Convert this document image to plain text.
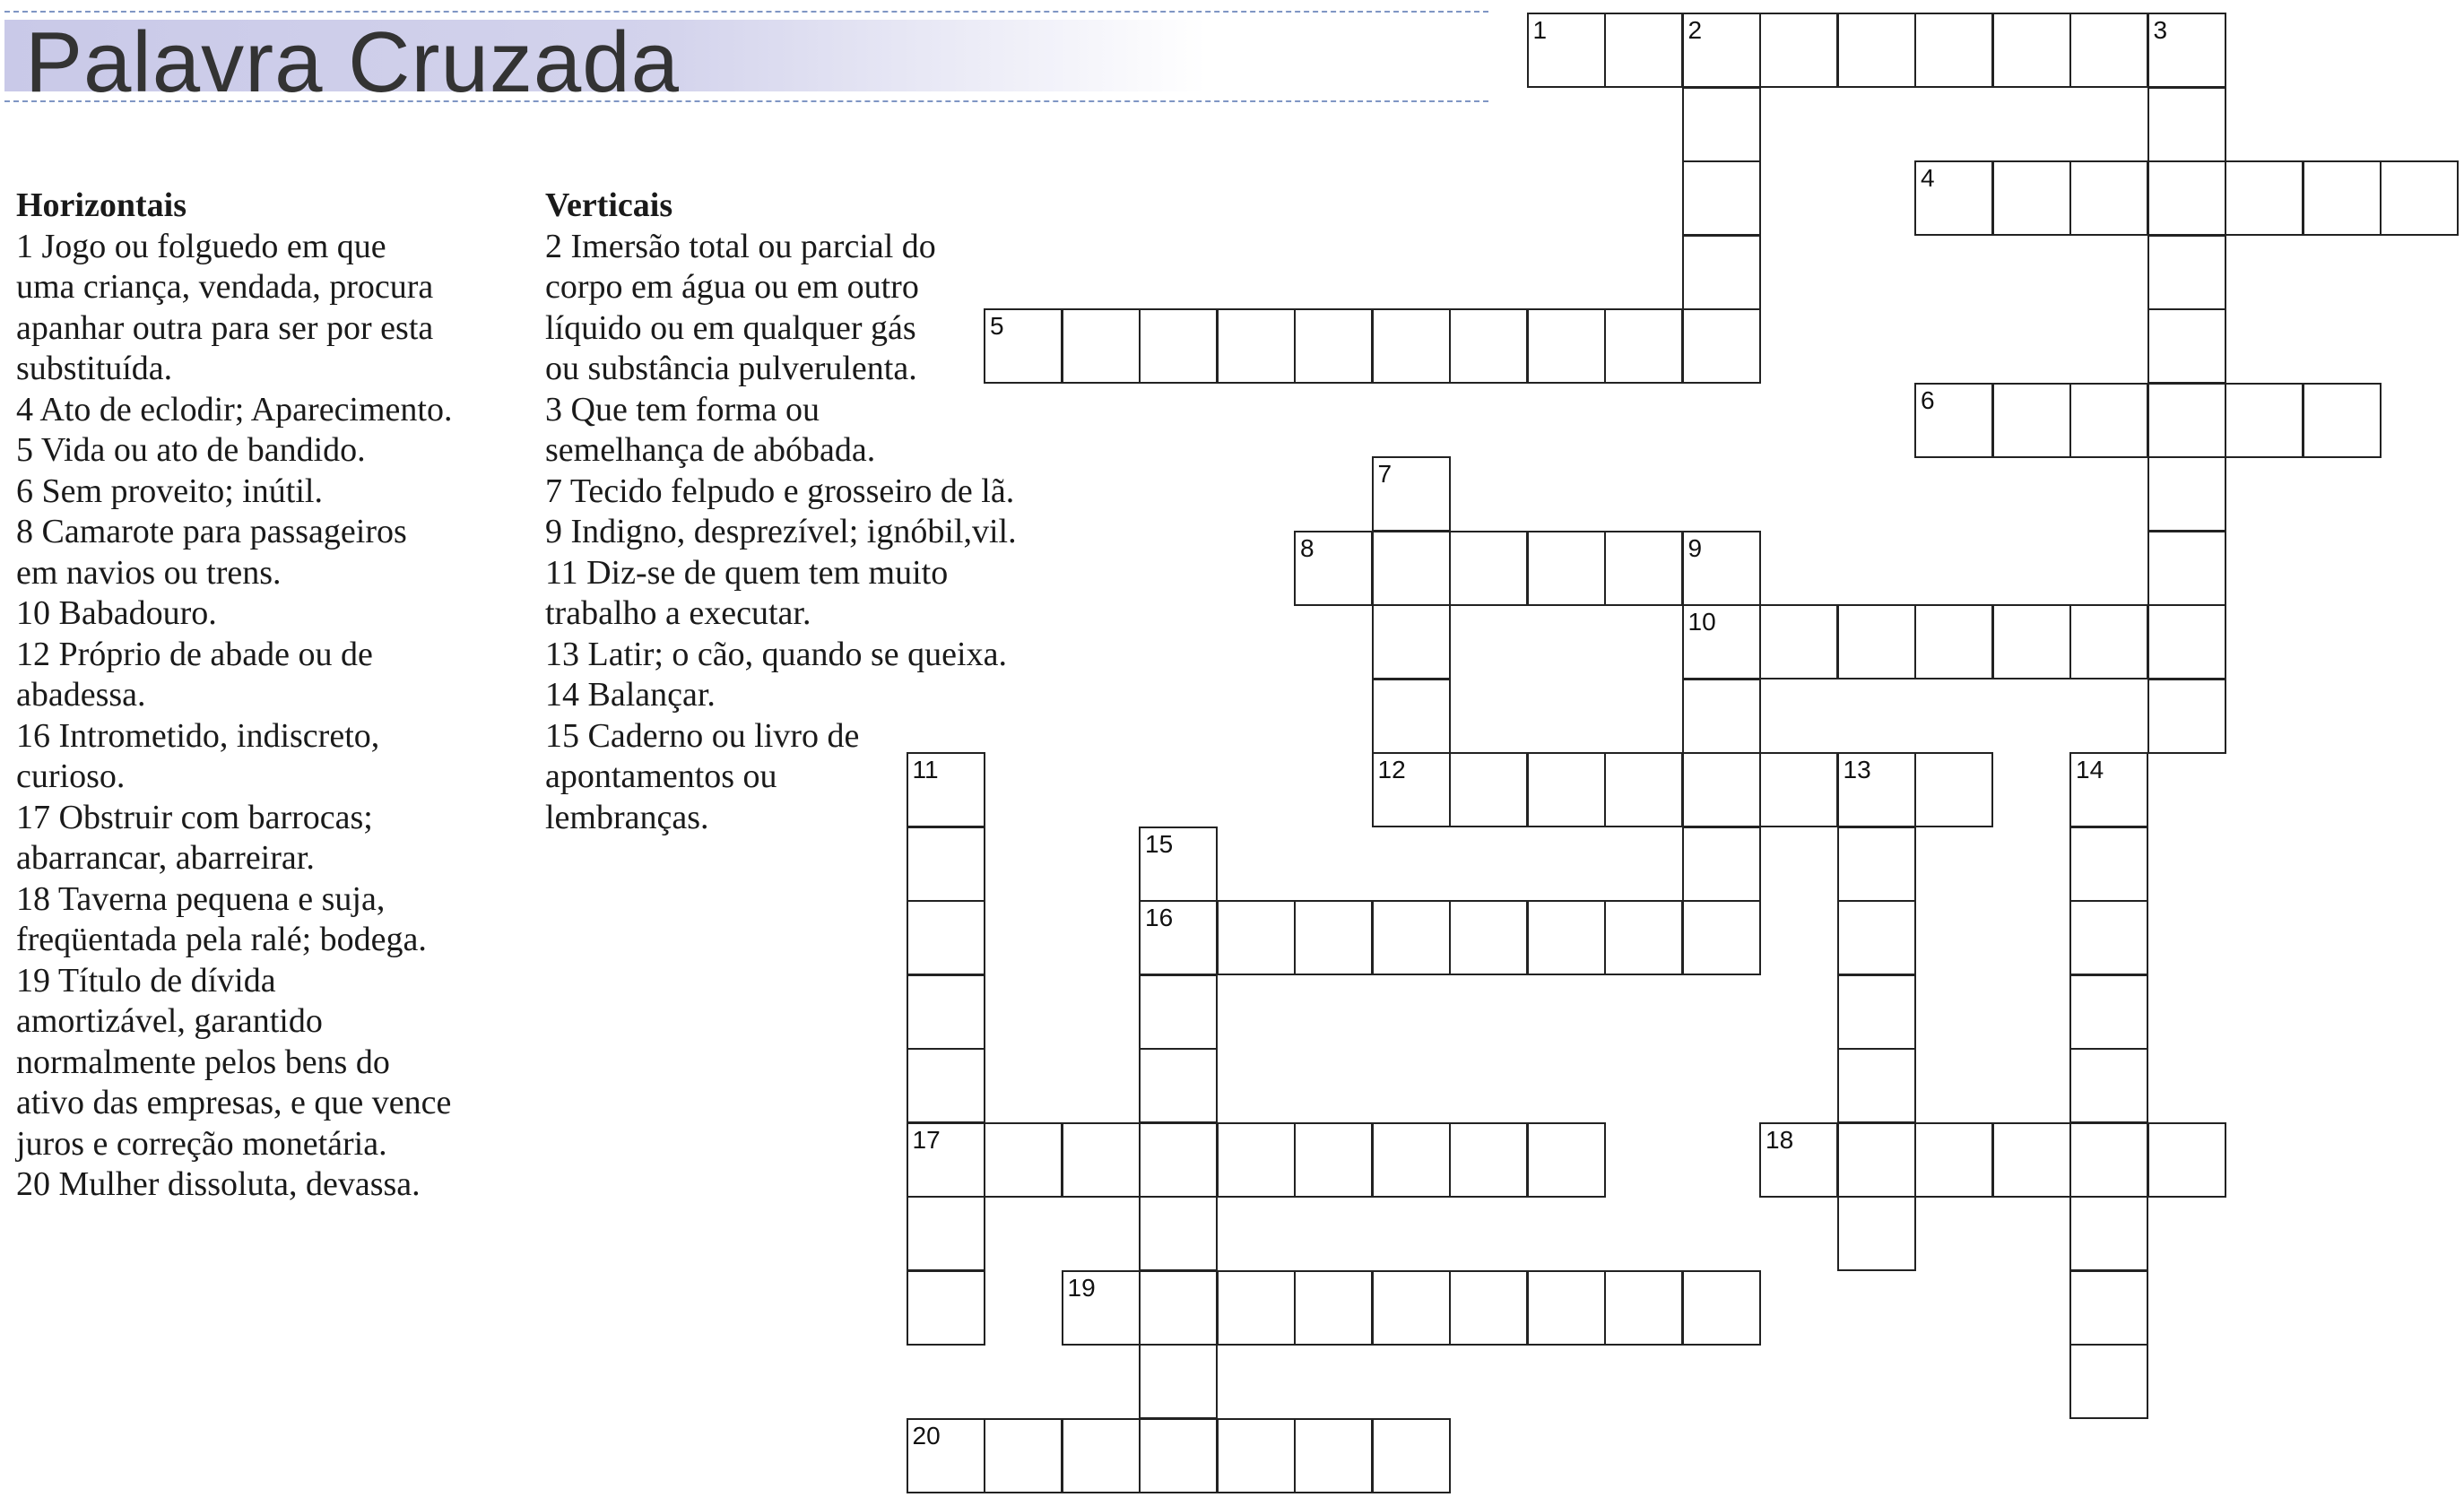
Palavra Cruzada
Horizontais
1 Jogo ou folguedo em que
uma criança, vendada, procura
apanhar outra para ser por esta
substituída.
4 Ato de eclodir; Aparecimento.
5 Vida ou ato de bandido.
6 Sem proveito; inútil.
8 Camarote para passageiros
em navios ou trens.
10 Babadouro.
12 Próprio de abade ou de
abadessa.
16 Intrometido, indiscreto,
curioso.
17 Obstruir com barrocas;
abarrancar, abarreirar.
18 Taverna pequena e suja,
freqüentada pela ralé; bodega.
19 Título de dívida
amortizável, garantido
normalmente pelos bens do
ativo das empresas, e que vence
juros e correção monetária.
20 Mulher dissoluta, devassa.
Verticais
2 Imersão total ou parcial do
corpo em água ou em outro
líquido ou em qualquer gás
ou substância pulverulenta.
3 Que tem forma ou
semelhança de abóbada.
7 Tecido felpudo e grosseiro de lã.
9 Indigno, desprezível; ignóbil,vil.
11 Diz-se de quem tem muito
trabalho a executar.
13 Latir; o cão, quando se queixa.
14 Balançar.
15 Caderno ou livro de
apontamentos ou
lembranças.
1	2	3
4
5
6
7
12
8	9
10
11
17
13	14
15
16
18
19
20
